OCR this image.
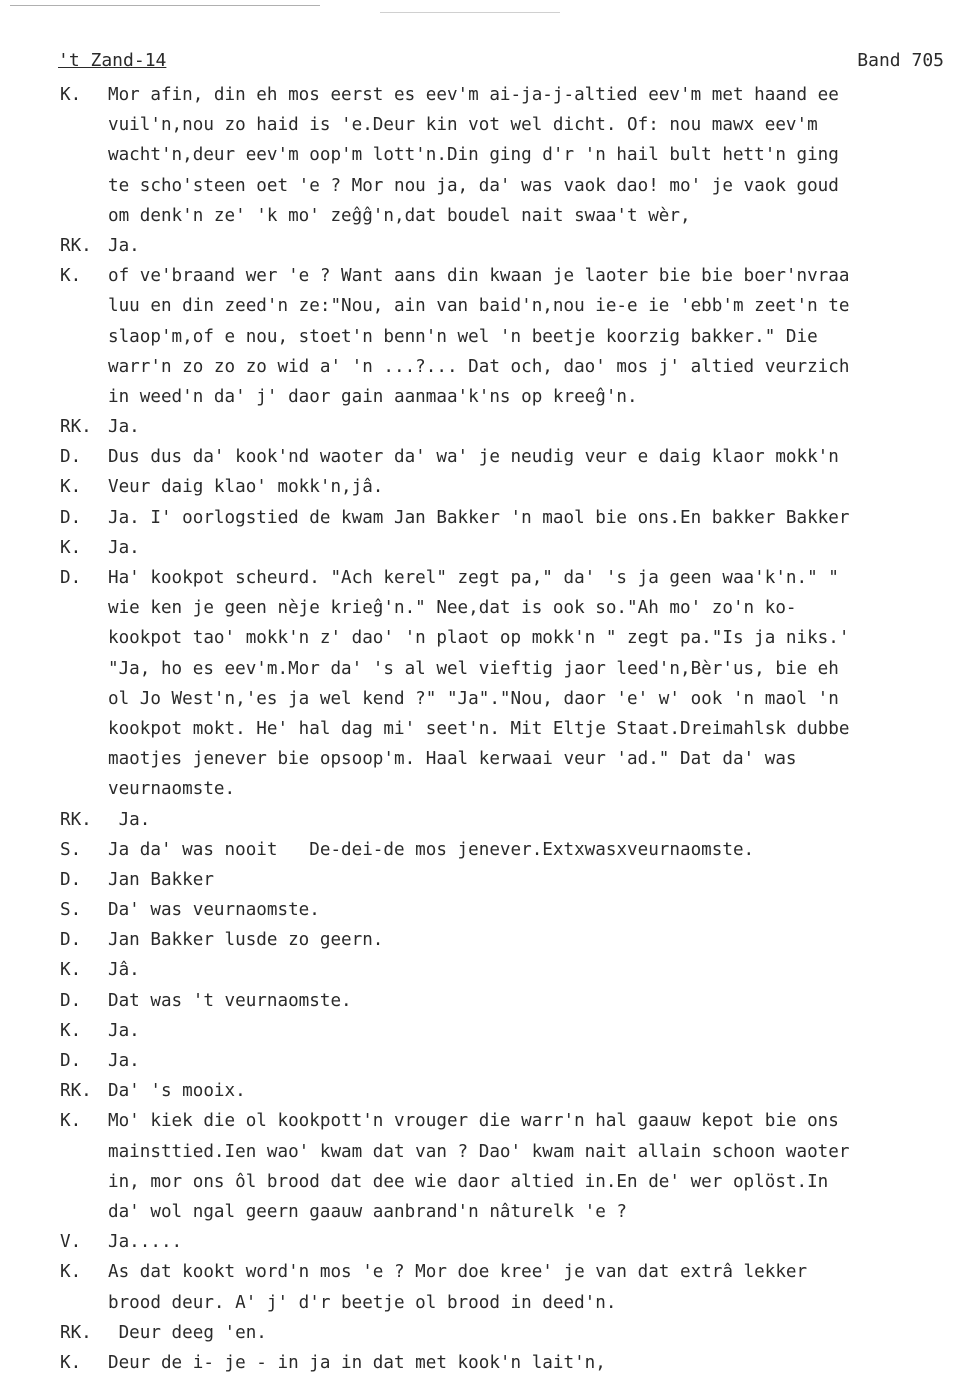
't Zand-14	Band 705
K. Mor afin, din eh mos eerst es eev'm ai-ja-j-altied eev'm met haand ee
vuil'n,nou zo haid is 'e.Deur kin vot wel dicht. Of: nou mawx eev'm
wacht'n,deur eev'm oop'm lott'n.Din ging d'r 'n hail bult hett'n ging
te scho'steen oet 'e ? Mor nou ja, da' was vaok dao! mo' je vaok goud
om denk'n ze' 'k mo' zeĝĝ'n,dat boudel nait swaa't wèr,
RK. Ja.
K. of ve'braand wer 'e ? Want aans din kwaan je laoter bie bie boer'nvraa
luu en din zeed'n ze:"Nou, ain van baid'n,nou ie-e ie 'ebb'm zeet'n te
slaop'm,of e nou, stoet'n benn'n wel 'n beetje koorzig bakker." Die
warr'n zo zo zo wid a' 'n ...?... Dat och, dao' mos j' altied veurzich
in weed'n da' j' daor gain aanmaa'k'ns op kreeĝ'n.
RK. Ja.
D. Dus dus da' kook'nd waoter da' wa' je neudig veur e daig klaor mokk'n
K. Veur daig klao' mokk'n,jâ.
D. Ja. I' oorlogstied de kwam Jan Bakker 'n maol bie ons.En bakker Bakker
K. Ja.
D. Ha' kookpot scheurd. "Ach kerel" zegt pa," da' 's ja geen waa'k'n." "
wie ken je geen nèje krieĝ'n." Nee,dat is ook so."Ah mo' zo'n ko-
kookpot tao' mokk'n z' dao' 'n plaot op mokk'n " zegt pa."Is ja niks.'
"Ja, ho es eev'm.Mor da' 's al wel vieftig jaor leed'n,Bèr'us, bie eh
ol Jo West'n,'es ja wel kend ?" "Ja"."Nou, daor 'e' w' ook 'n maol 'n
kookpot mokt. He' hal dag mi' seet'n. Mit Eltje Staat.Dreimahlsk dubbe
maotjes jenever bie opsoop'm. Haal kerwaai veur 'ad." Dat da' was
veurnaomste.
RK. Ja.
S. Ja da' was nooit   De-dei-de mos jenever.Extxwasxveurnaomste.
D. Jan Bakker
S. Da' was veurnaomste.
D. Jan Bakker lusde zo geern.
K. Jâ.
D. Dat was 't veurnaomste.
K. Ja.
D. Ja.
RK. Da' 's mooix.
K. Mo' kiek die ol kookpott'n vrouger die warr'n hal gaauw kepot bie ons
mainsttied.Ien wao' kwam dat van ? Dao' kwam nait allain schoon waoter
in, mor ons ôl brood dat dee wie daor altied in.En de' wer oplöst.In
da' wol ngal geern gaauw aanbrand'n nâturelk 'e ?
V. Ja.....
K. As dat kookt word'n mos 'e ? Mor doe kree' je van dat extrâ lekker
brood deur. A' j' d'r beetje ol brood in deed'n.
RK. Deur deeg 'en.
K. Deur de i- je - in ja in dat met kook'n lait'n,
